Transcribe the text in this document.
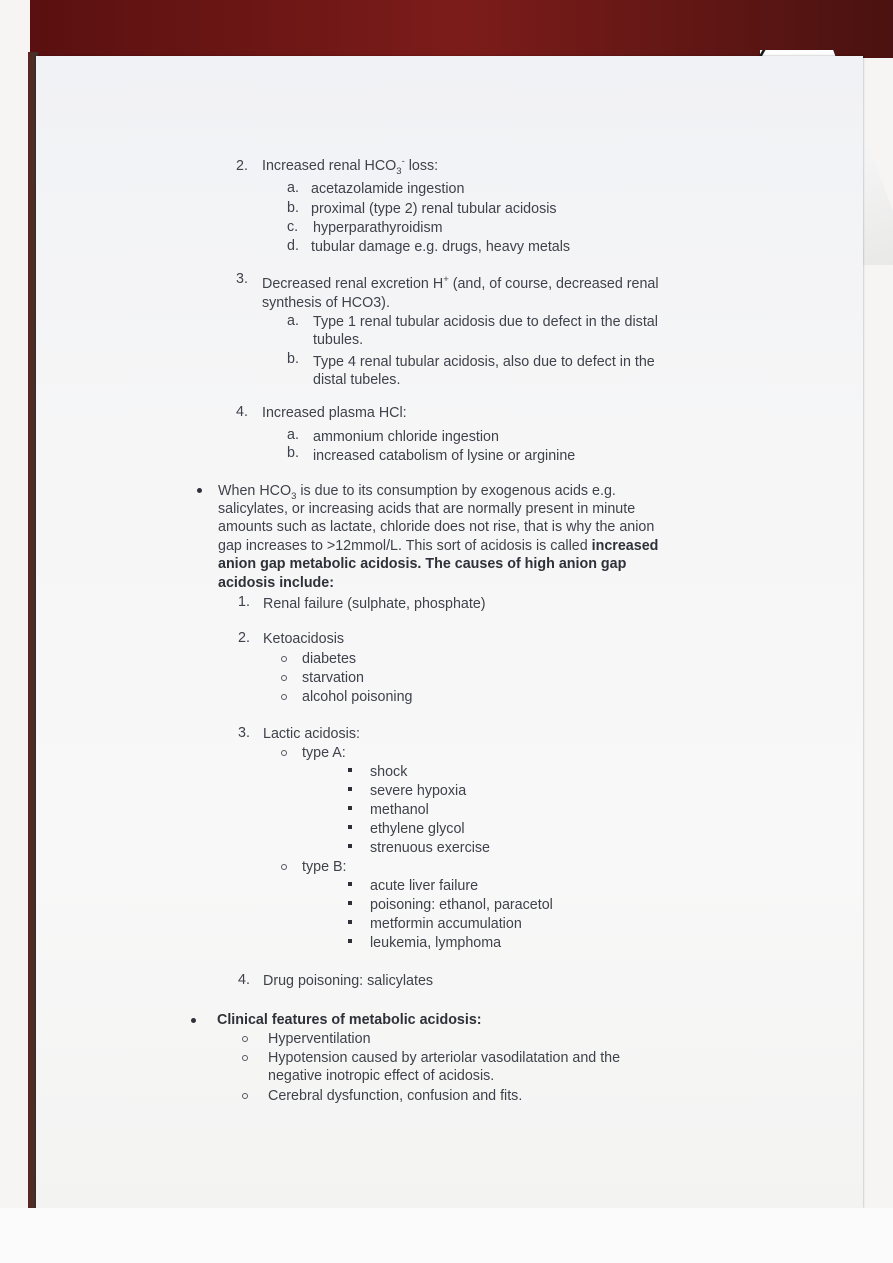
2. Increased renal $HCO_3^-$ loss:
a. acetazolamide ingestion
b. proximal (type 2) renal tubular acidosis
c. hyperparathyroidism
d. tubular damage e.g. drugs, heavy metals
3. Decreased renal excretion H+ (and, of course, decreased renal
synthesis of HCO3).
a. Type 1 renal tubular acidosis due to defect in the distal
tubules.
b. Type 4 renal tubular acidosis, also due to defect in the
distal tubeles.
4. Increased plasma HCl:
a. ammonium chloride ingestion
b. increased catabolism of lysine or arginine
When $HCO_3$ is due to its consumption by exogenous acids e.g.
salicylates, or increasing acids that are normally present in minute
amounts such as lactate, chloride does not rise, that is why the anion
gap increases to >12mmol/L. This sort of acidosis is called increased
anion gap metabolic acidosis. The causes of high anion gap
acidosis include:
1. Renal failure (sulphate, phosphate)
2. Ketoacidosis
diabetes
starvation
alcohol poisoning
3. Lactic acidosis:
type A:
shock
severe hypoxia
methanol
ethylene glycol
strenuous exercise
type B:
acute liver failure
poisoning: ethanol, paracetol
metformin accumulation
leukemia, lymphoma
4. Drug poisoning: salicylates
Clinical features of metabolic acidosis:
Hyperventilation
Hypotension caused by arteriolar vasodilatation and the
negative inotropic effect of acidosis.
Cerebral dysfunction, confusion and fits.
